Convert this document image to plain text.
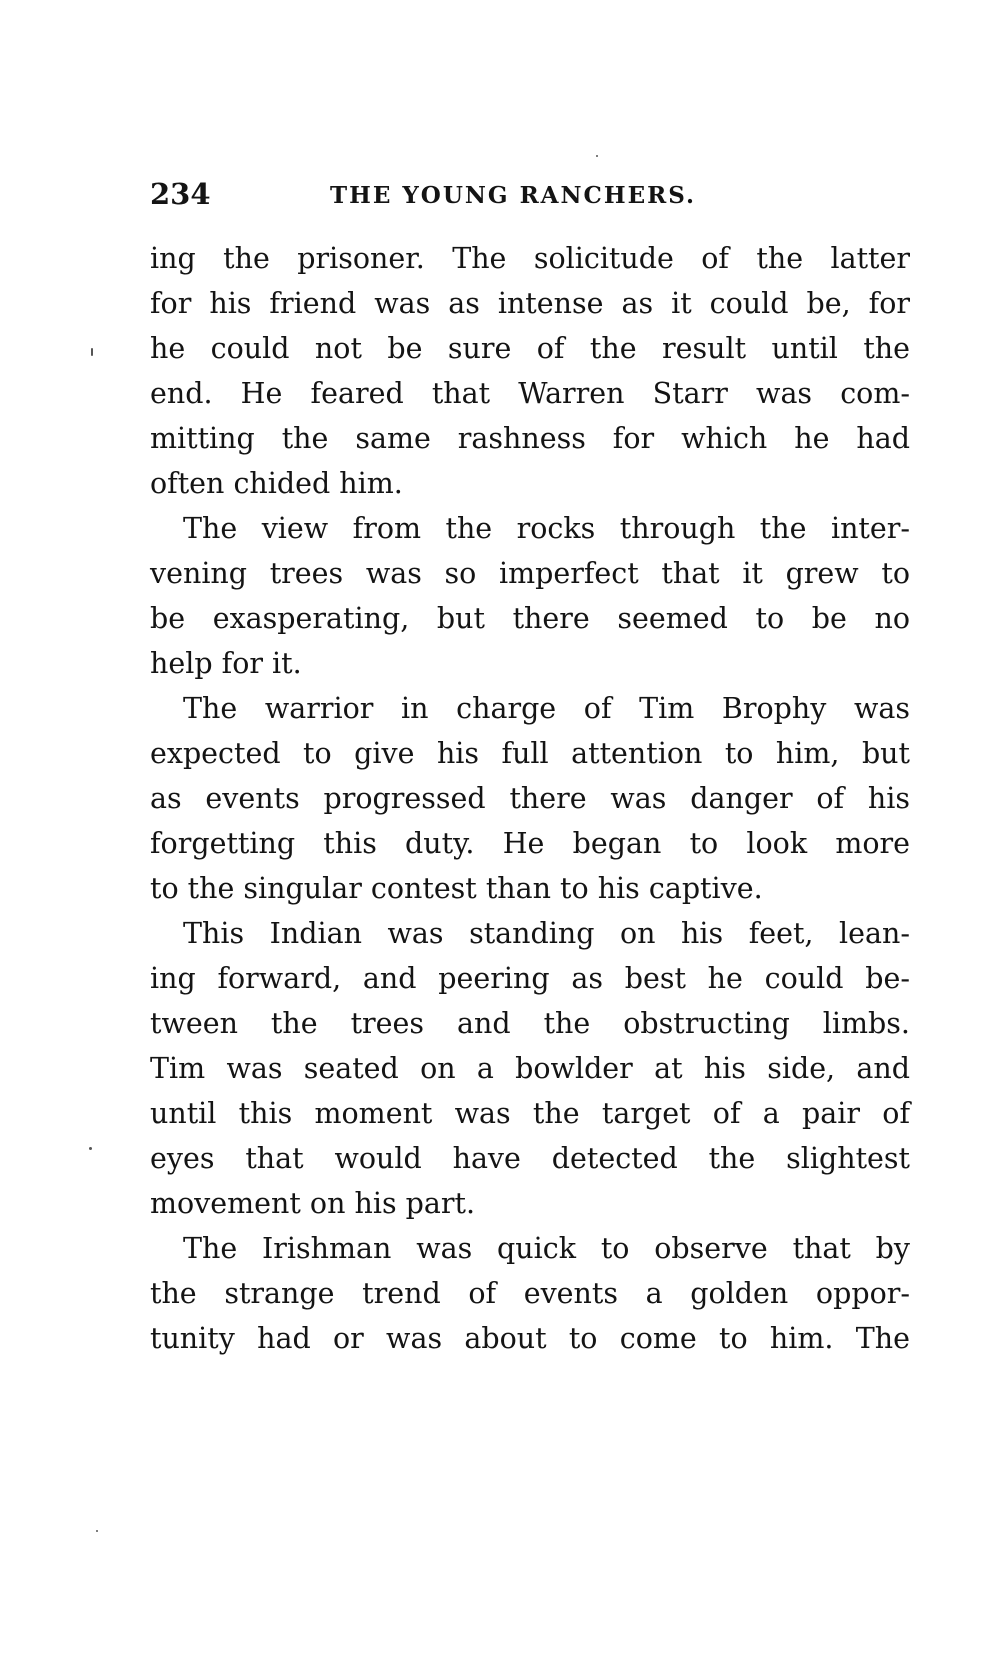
234	THE YOUNG RANCHERS.
ing the prisoner. The solicitude of the latter
for his friend was as intense as it could be, for
he could not be sure of the result until the
end. He feared that Warren Starr was com-
mitting the same rashness for which he had
often chided him.
The view from the rocks through the inter-
vening trees was so imperfect that it grew to
be exasperating, but there seemed to be no
help for it.
The warrior in charge of Tim Brophy was
expected to give his full attention to him, but
as events progressed there was danger of his
forgetting this duty. He began to look more
to the singular contest than to his captive.
This Indian was standing on his feet, lean-
ing forward, and peering as best he could be-
tween the trees and the obstructing limbs.
Tim was seated on a bowlder at his side, and
until this moment was the target of a pair of
eyes that would have detected the slightest
movement on his part.
The Irishman was quick to observe that by
the strange trend of events a golden oppor-
tunity had or was about to come to him. The
